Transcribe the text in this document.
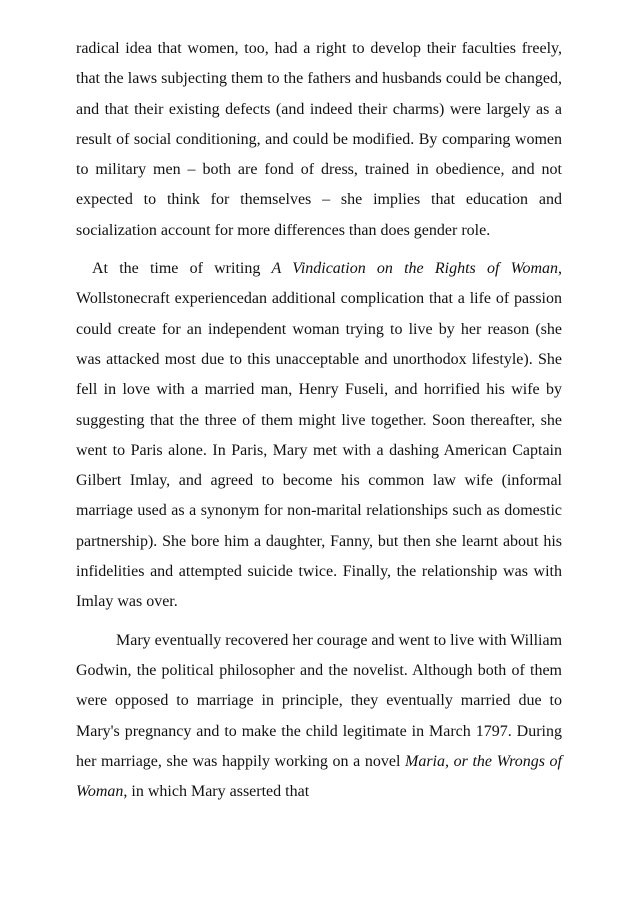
radical idea that women, too, had a right to develop their faculties freely, that the laws subjecting them to the fathers and husbands could be changed, and that their existing defects (and indeed their charms) were largely as a result of social conditioning, and could be modified. By comparing women to military men – both are fond of dress, trained in obedience, and not expected to think for themselves – she implies that education and socialization account for more differences than does gender role.

At the time of writing A Vindication on the Rights of Woman, Wollstonecraft experiencedan additional complication that a life of passion could create for an independent woman trying to live by her reason (she was attacked most due to this unacceptable and unorthodox lifestyle). She fell in love with a married man, Henry Fuseli, and horrified his wife by suggesting that the three of them might live together. Soon thereafter, she went to Paris alone. In Paris, Mary met with a dashing American Captain Gilbert Imlay, and agreed to become his common law wife (informal marriage used as a synonym for non-marital relationships such as domestic partnership). She bore him a daughter, Fanny, but then she learnt about his infidelities and attempted suicide twice. Finally, the relationship was with Imlay was over.

Mary eventually recovered her courage and went to live with William Godwin, the political philosopher and the novelist. Although both of them were opposed to marriage in principle, they eventually married due to Mary's pregnancy and to make the child legitimate in March 1797. During her marriage, she was happily working on a novel Maria, or the Wrongs of Woman, in which Mary asserted that
